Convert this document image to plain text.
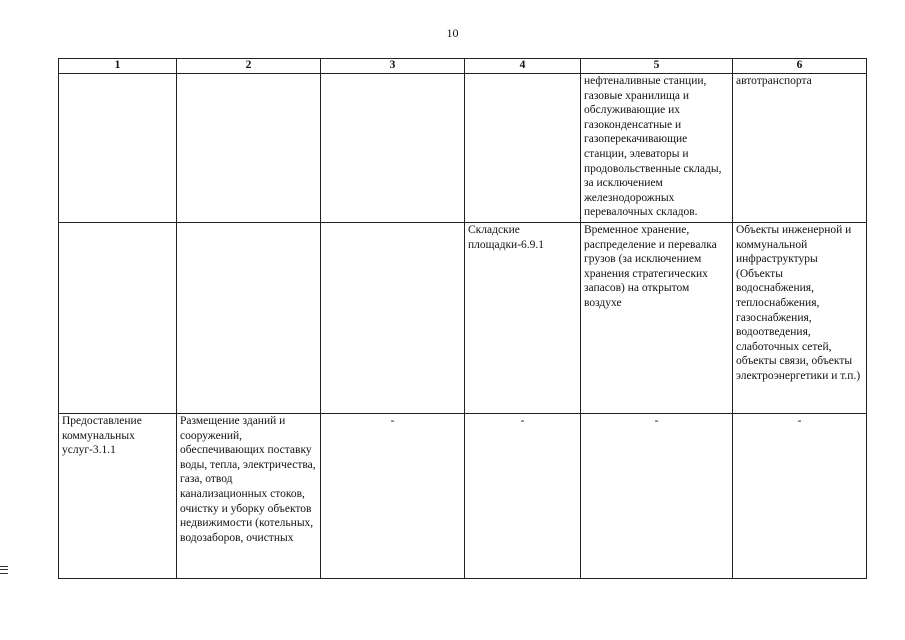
10
1	2	3	4	5	6

				нефтеналивные станции, газовые хранилища и обслуживающие их газоконденсатные и газоперекачивающие станции, элеваторы и продовольственные склады, за исключением железнодорожных перевалочных складов.	автотранспорта

			Складские площадки-6.9.1	Временное хранение, распределение и перевалка грузов (за исключением хранения стратегических запасов) на открытом воздухе	Объекты инженерной и коммунальной инфраструктуры (Объекты водоснабжения, теплоснабжения, газоснабжения, водоотведения, слаботочных сетей, объекты связи, объекты электроэнергетики и т.п.)

Предоставление коммунальных услуг-3.1.1	Размещение зданий и сооружений, обеспечивающих поставку воды, тепла, электричества, газа, отвод канализационных стоков, очистку и уборку объектов недвижимости (котельных, водозаборов, очистных	-	-	-	-
